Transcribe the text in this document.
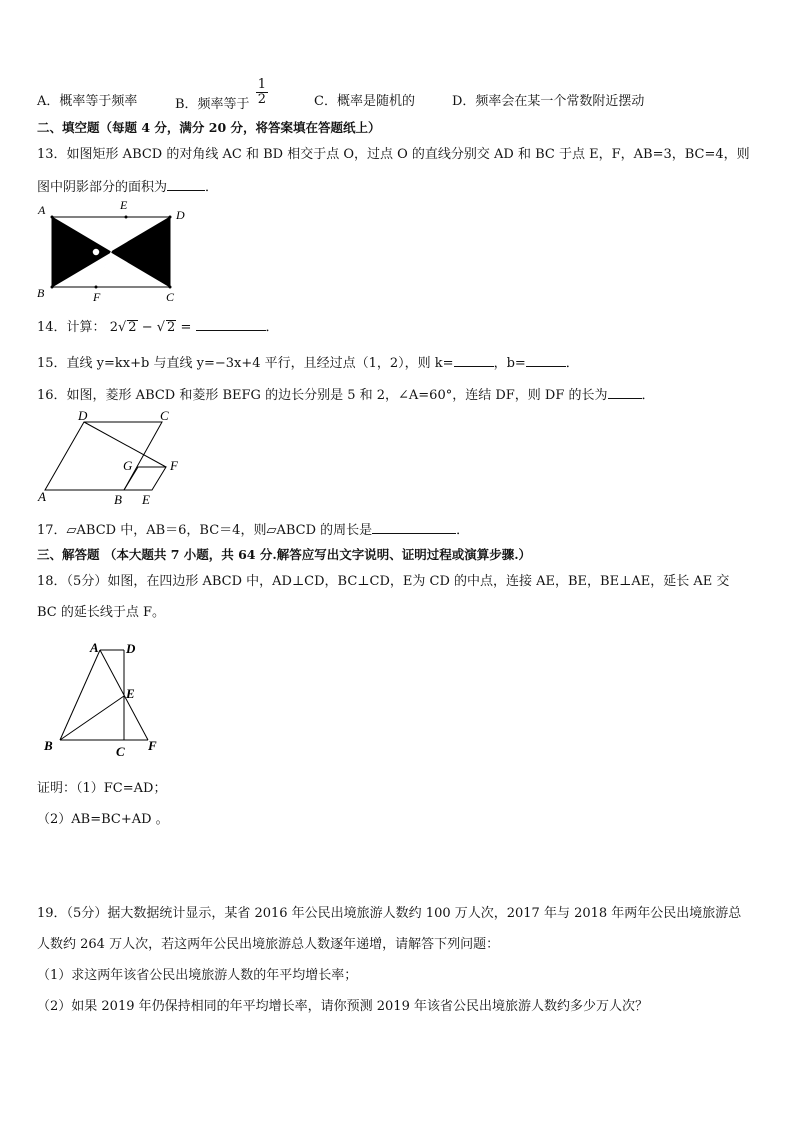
A．概率等于频率	B．频率等于 $\frac{1}{2}$	C．概率是随机的	D．频率会在某一个常数附近摆动
二、填空题（每题 4 分，满分 20 分，将答案填在答题纸上）
13．如图矩形 ABCD 的对角线 AC 和 BD 相交于点 O，过点 O 的直线分别交 AD 和 BC 于点 E，F，AB=3，BC=4，则
图中阴影部分的面积为	．
A	E
D
B	F	C
14．计算： 2√ 2 − √ 2 =	．
15．直线 y=kx+b 与直线 y=−3x+4 平行，且经过点（1，2），则 k=	，b=	．
16．如图，菱形 ABCD 和菱形 BEFG 的边长分别是 5 和 2，∠A=60°，连结 DF，则 DF 的长为	．
D	C
G	F
A	B E
17．▱ABCD 中，AB＝6，BC＝4，则▱ABCD 的周长是	．
三、解答题 （本大题共 7 小题，共 64 分.解答应写出文字说明、证明过程或演算步骤.）
18．（5分）如图，在四边形 ABCD 中，AD⊥CD，BC⊥CD，E为 CD 的中点，连接 AE，BE，BE⊥AE，延长 AE 交
BC 的延长线于点 F。
A D
E
B	C F
证明：（1）FC=AD；
（2）AB=BC+AD 。
19．（5分）据大数据统计显示，某省 2016 年公民出境旅游人数约 100 万人次，2017 年与 2018 年两年公民出境旅游总
人数约 264 万人次，若这两年公民出境旅游总人数逐年递增，请解答下列问题：
（1）求这两年该省公民出境旅游人数的年平均增长率；
（2）如果 2019 年仍保持相同的年平均增长率，请你预测 2019 年该省公民出境旅游人数约多少万人次？
